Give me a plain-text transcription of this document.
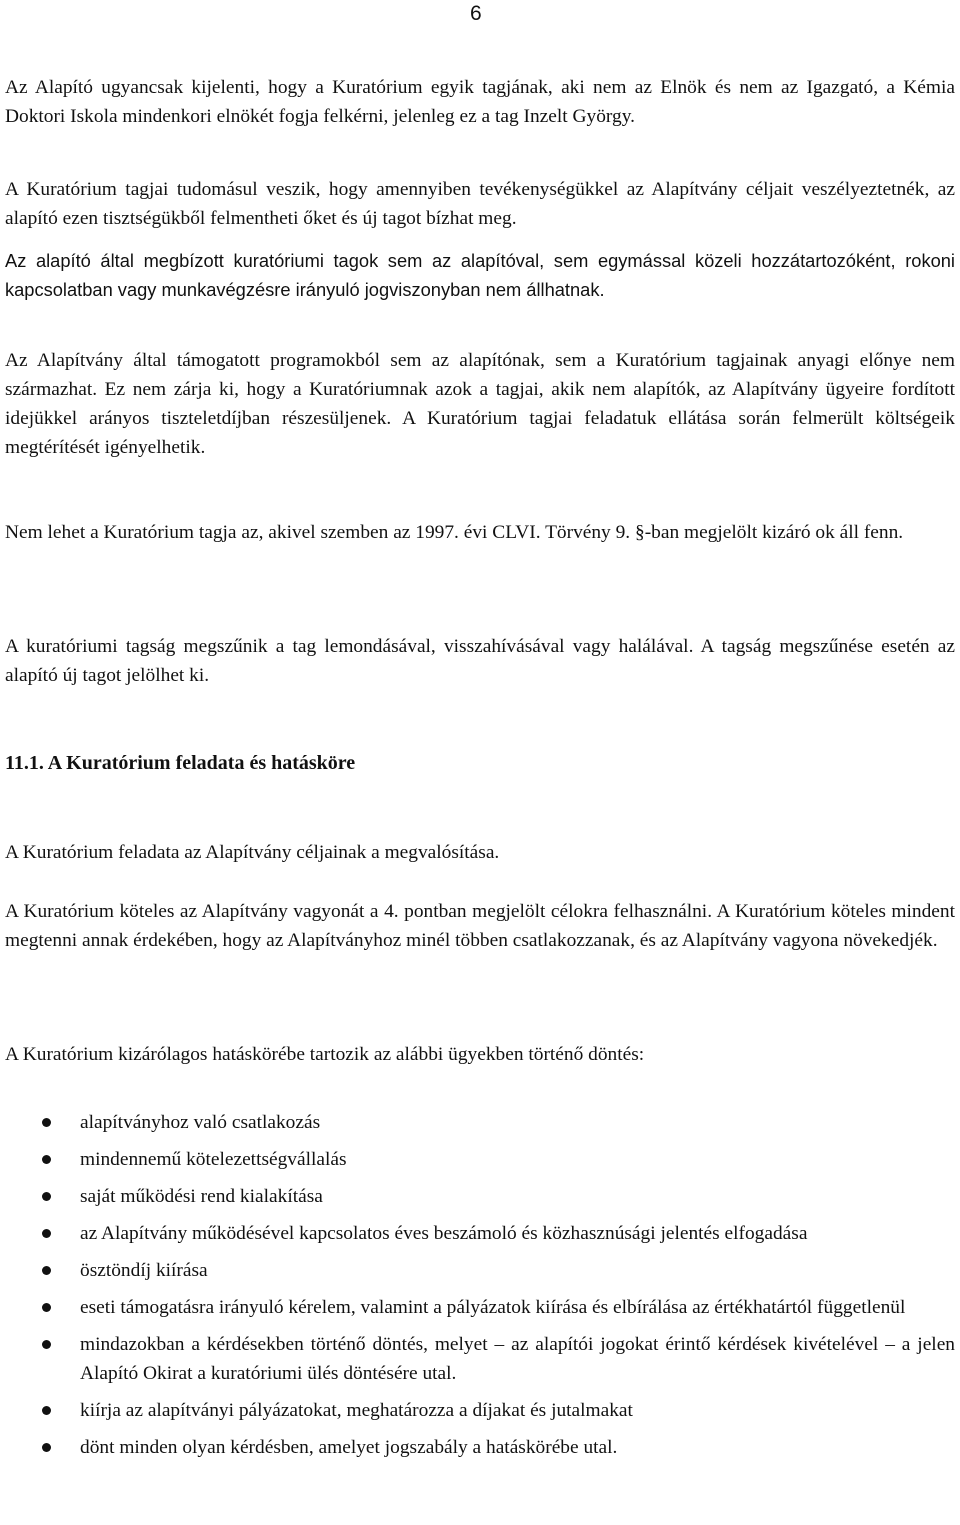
6

Az Alapító ugyancsak kijelenti, hogy a Kuratórium egyik tagjának, aki nem az Elnök és nem az Igazgató, a Kémia Doktori Iskola mindenkori elnökét fogja felkérni, jelenleg ez a tag Inzelt György.

A Kuratórium tagjai tudomásul veszik, hogy amennyiben tevékenységükkel az Alapítvány céljait veszélyeztetnék, az alapító ezen tisztségükből felmentheti őket és új tagot bízhat meg.

Az alapító által megbízott kuratóriumi tagok sem az alapítóval, sem egymással közeli hozzátartozóként, rokoni kapcsolatban vagy munkavégzésre irányuló jogviszonyban nem állhatnak.

Az Alapítvány által támogatott programokból sem az alapítónak, sem a Kuratórium tagjainak anyagi előnye nem származhat. Ez nem zárja ki, hogy a Kuratóriumnak azok a tagjai, akik nem alapítók, az Alapítvány ügyeire fordított idejükkel arányos tiszteletdíjban részesüljenek. A Kuratórium tagjai feladatuk ellátása során felmerült költségeik megtérítését igényelhetik.

Nem lehet a Kuratórium tagja az, akivel szemben az 1997. évi CLVI. Törvény 9. §-ban megjelölt kizáró ok áll fenn.

A kuratóriumi tagság megszűnik a tag lemondásával, visszahívásával vagy halálával. A tagság megszűnése esetén az alapító új tagot jelölhet ki.

11.1. A Kuratórium feladata és hatásköre

A Kuratórium feladata az Alapítvány céljainak a megvalósítása.

A Kuratórium köteles az Alapítvány vagyonát a 4. pontban megjelölt célokra felhasználni. A Kuratórium köteles mindent megtenni annak érdekében, hogy az Alapítványhoz minél többen csatlakozzanak, és az Alapítvány vagyona növekedjék.

A Kuratórium kizárólagos hatáskörébe tartozik az alábbi ügyekben történő döntés:

alapítványhoz való csatlakozás
mindennemű kötelezettségvállalás
saját működési rend kialakítása
az Alapítvány működésével kapcsolatos éves beszámoló és közhasznúsági jelentés elfogadása
ösztöndíj kiírása
eseti támogatásra irányuló kérelem, valamint a pályázatok kiírása és elbírálása az értékhatártól függetlenül
mindazokban a kérdésekben történő döntés, melyet – az alapítói jogokat érintő kérdések kivételével – a jelen Alapító Okirat a kuratóriumi ülés döntésére utal.
kiírja az alapítványi pályázatokat, meghatározza a díjakat és jutalmakat
dönt minden olyan kérdésben, amelyet jogszabály a hatáskörébe utal.
